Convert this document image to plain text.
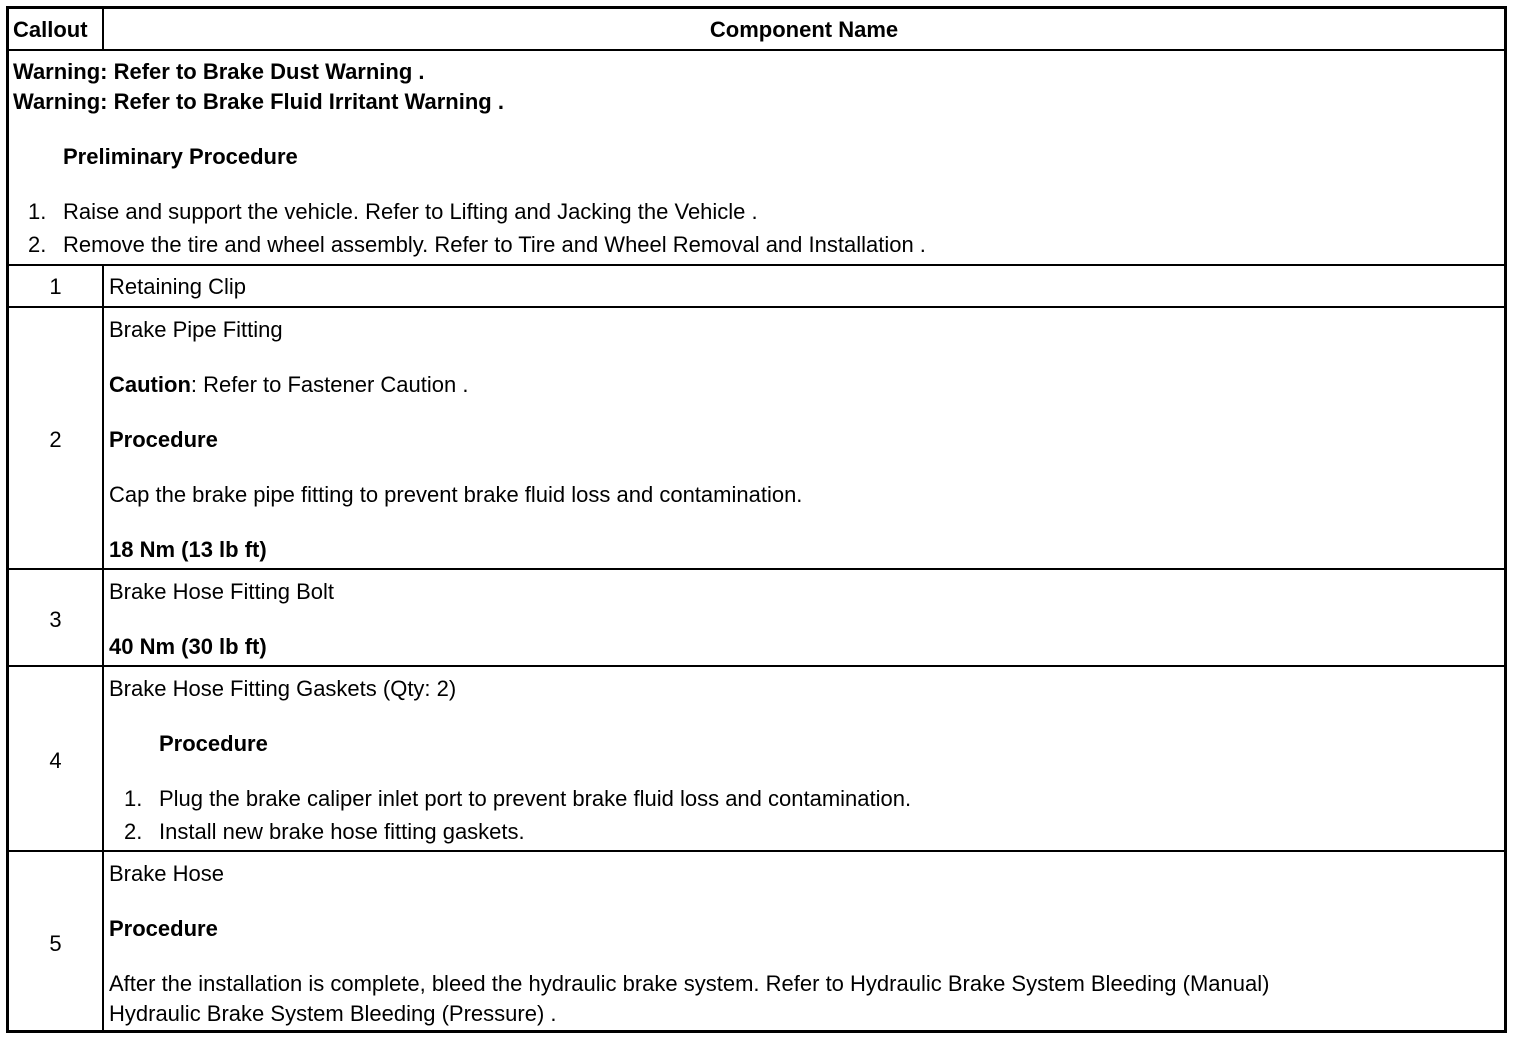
Callout	Component Name
Warning: Refer to Brake Dust Warning .
Warning: Refer to Brake Fluid Irritant Warning .
Preliminary Procedure
1. Raise and support the vehicle. Refer to Lifting and Jacking the Vehicle .
2. Remove the tire and wheel assembly. Refer to Tire and Wheel Removal and Installation .
1	Retaining Clip
2
Brake Pipe Fitting
Caution: Refer to Fastener Caution .
Procedure
Cap the brake pipe fitting to prevent brake fluid loss and contamination.
18 Nm (13 lb ft)
3
Brake Hose Fitting Bolt
40 Nm (30 lb ft)
4
Brake Hose Fitting Gaskets (Qty: 2)
Procedure
1. Plug the brake caliper inlet port to prevent brake fluid loss and contamination.
2. Install new brake hose fitting gaskets.
5
Brake Hose
Procedure
After the installation is complete, bleed the hydraulic brake system. Refer to Hydraulic Brake System Bleeding (Manual)
Hydraulic Brake System Bleeding (Pressure) .
